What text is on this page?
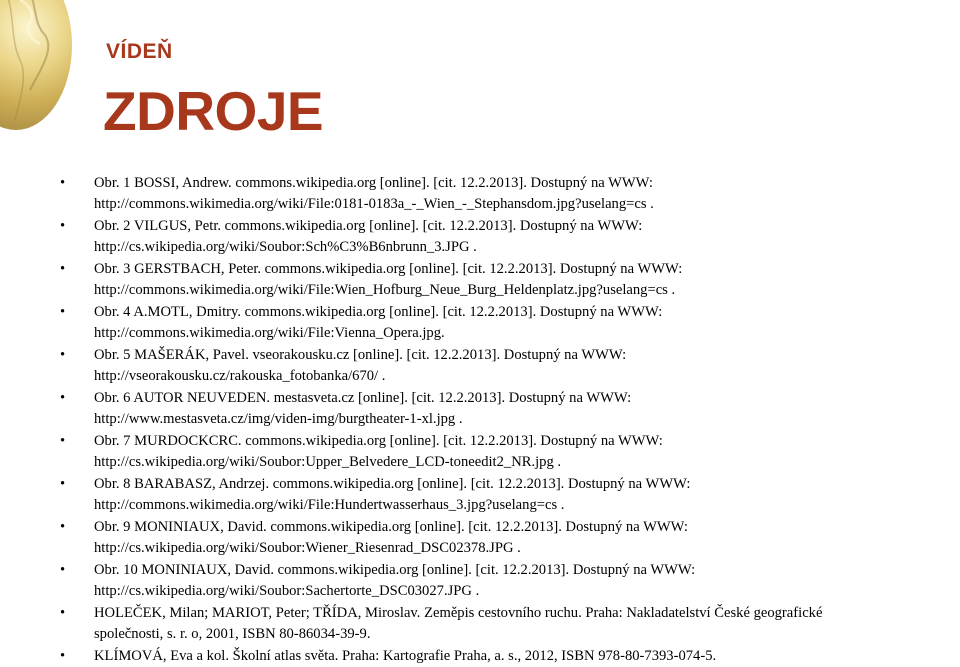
VÍDEŇ
ZDROJE
• Obr. 1 BOSSI, Andrew. commons.wikipedia.org [online]. [cit. 12.2.2013]. Dostupný na WWW:
http://commons.wikimedia.org/wiki/File:0181-0183a_-_Wien_-_Stephansdom.jpg?uselang=cs .
• Obr. 2 VILGUS, Petr. commons.wikipedia.org [online]. [cit. 12.2.2013]. Dostupný na WWW:
http://cs.wikipedia.org/wiki/Soubor:Sch%C3%B6nbrunn_3.JPG .
• Obr. 3 GERSTBACH, Peter. commons.wikipedia.org [online]. [cit. 12.2.2013]. Dostupný na WWW:
http://commons.wikimedia.org/wiki/File:Wien_Hofburg_Neue_Burg_Heldenplatz.jpg?uselang=cs .
• Obr. 4 A.MOTL, Dmitry. commons.wikipedia.org [online]. [cit. 12.2.2013]. Dostupný na WWW:
http://commons.wikimedia.org/wiki/File:Vienna_Opera.jpg.
• Obr. 5 MAŠERÁK, Pavel. vseorakousku.cz [online]. [cit. 12.2.2013]. Dostupný na WWW:
http://vseorakousku.cz/rakouska_fotobanka/670/ .
• Obr. 6 AUTOR NEUVEDEN. mestasveta.cz [online]. [cit. 12.2.2013]. Dostupný na WWW:
http://www.mestasveta.cz/img/viden-img/burgtheater-1-xl.jpg .
• Obr. 7 MURDOCKCRC. commons.wikipedia.org [online]. [cit. 12.2.2013]. Dostupný na WWW:
http://cs.wikipedia.org/wiki/Soubor:Upper_Belvedere_LCD-toneedit2_NR.jpg .
• Obr. 8 BARABASZ, Andrzej. commons.wikipedia.org [online]. [cit. 12.2.2013]. Dostupný na WWW:
http://commons.wikimedia.org/wiki/File:Hundertwasserhaus_3.jpg?uselang=cs .
• Obr. 9 MONINIAUX, David. commons.wikipedia.org [online]. [cit. 12.2.2013]. Dostupný na WWW:
http://cs.wikipedia.org/wiki/Soubor:Wiener_Riesenrad_DSC02378.JPG .
• Obr. 10 MONINIAUX, David. commons.wikipedia.org [online]. [cit. 12.2.2013]. Dostupný na WWW:
http://cs.wikipedia.org/wiki/Soubor:Sachertorte_DSC03027.JPG .
• HOLEČEK, Milan; MARIOT, Peter; TŘÍDA, Miroslav. Zeměpis cestovního ruchu. Praha: Nakladatelství České geografické
společnosti, s. r. o, 2001, ISBN 80-86034-39-9.
• KLÍMOVÁ, Eva a kol. Školní atlas světa. Praha: Kartografie Praha, a. s., 2012, ISBN 978-80-7393-074-5.
